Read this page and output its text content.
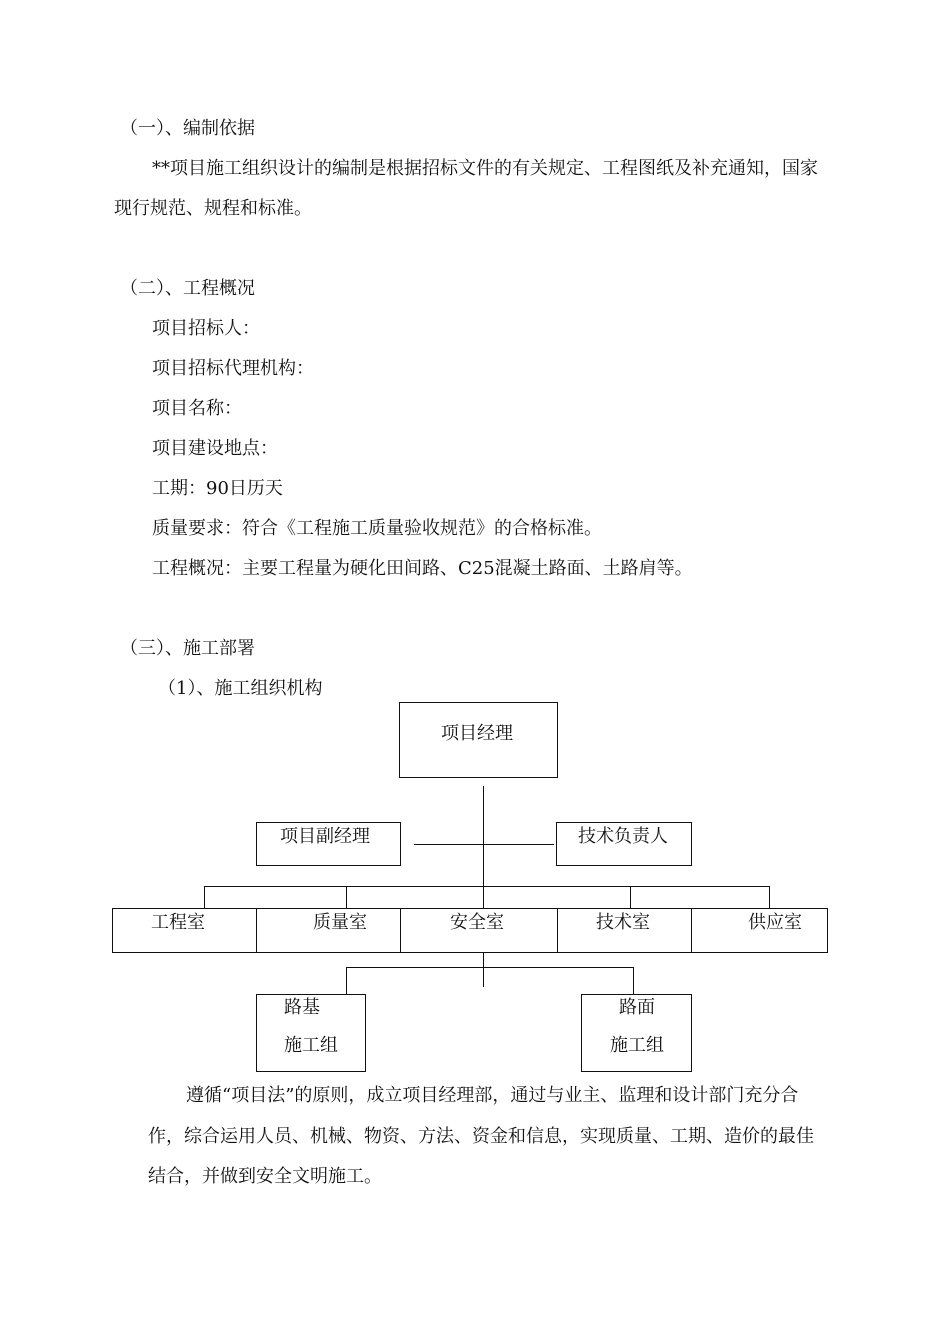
（一）、编制依据
**项目施工组织设计的编制是根据招标文件的有关规定、工程图纸及补充通知，国家
现行规范、规程和标准。
（二）、工程概况
项目招标人：
项目招标代理机构：
项目名称：
项目建设地点：
工期：90日历天
质量要求：符合《工程施工质量验收规范》的合格标准。
工程概况：主要工程量为硬化田间路、C25混凝土路面、土路肩等。
（三）、施工部署
（1）、施工组织机构
项目经理
项目副经理	技术负责人
工程室	质量室	安全室	技术室	供应室
路基
施工组
路面
施工组
遵循“项目法”的原则，成立项目经理部，通过与业主、监理和设计部门充分合
作，综合运用人员、机械、物资、方法、资金和信息，实现质量、工期、造价的最佳
结合，并做到安全文明施工。
